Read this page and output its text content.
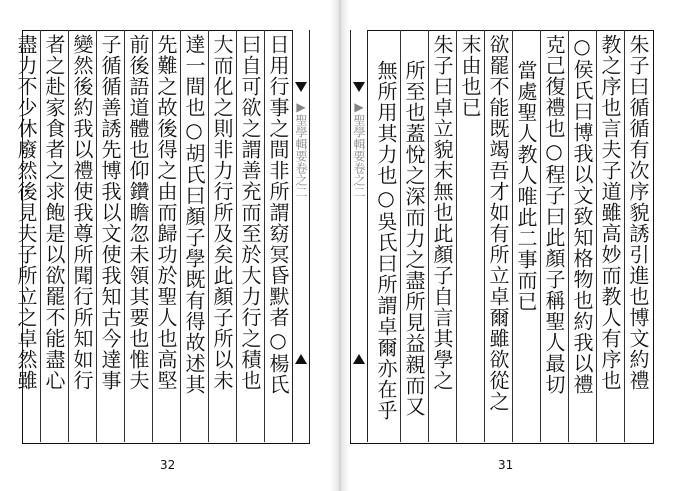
▶聖學輯要卷之二
日用行事之間非所謂窈冥昏默者○楊氏
曰自可欲之謂善充而至於大力行之積也
大而化之則非力行所及矣此顏子所以未
達一間也○胡氏曰顏子學既有得故述其
先難之故後得之由而歸功於聖人也高堅
前後語道體也仰鑽瞻忽未領其要也惟夫
子循循善誘先博我以文使我知古今達事
變然後約我以禮使我尊所聞行所知如行
者之赴家食者之求飽是以欲罷不能盡心
盡力不少休廢然後見夫子所立之卓然雖
32
▶聖學輯要卷之二	朱子曰循循有次序貌誘引進也博文約禮
教之序也言夫子道雖高妙而教人有序也
○侯氏曰博我以文致知格物也約我以禮
克己復禮也○程子曰此顏子稱聖人最切
當處聖人教人唯此二事而已
欲罷不能既竭吾才如有所立卓爾雖欲從之
末由也已
朱子曰卓立貌末無也此顏子自言其學之
所至也蓋悅之深而力之盡所見益親而又
無所用其力也○吳氏曰所謂卓爾亦在乎
31
